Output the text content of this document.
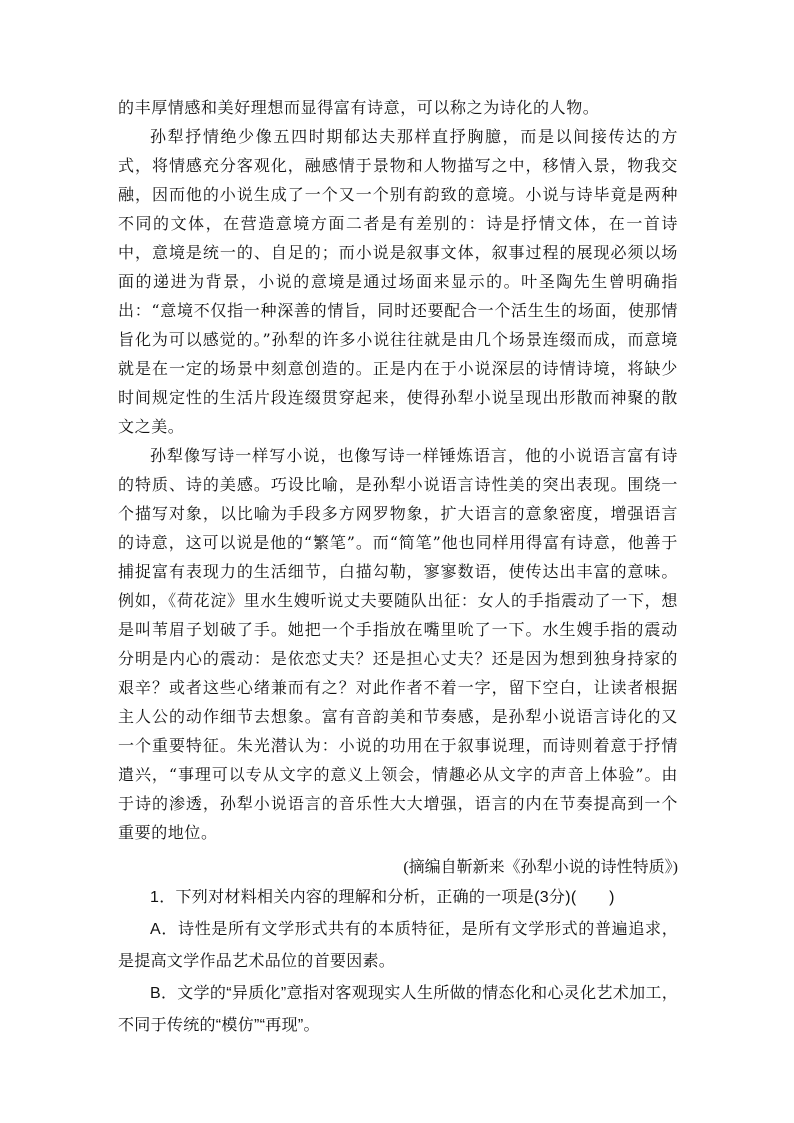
的丰厚情感和美好理想而显得富有诗意，可以称之为诗化的人物。

孙犁抒情绝少像五四时期郁达夫那样直抒胸臆，而是以间接传达的方式，将情感充分客观化，融感情于景物和人物描写之中，移情入景，物我交融，因而他的小说生成了一个又一个别有韵致的意境。小说与诗毕竟是两种不同的文体，在营造意境方面二者是有差别的：诗是抒情文体，在一首诗中，意境是统一的、自足的；而小说是叙事文体，叙事过程的展现必须以场面的递进为背景，小说的意境是通过场面来显示的。叶圣陶先生曾明确指出：“意境不仅指一种深善的情旨，同时还要配合一个活生生的场面，使那情旨化为可以感觉的。”孙犁的许多小说往往就是由几个场景连缀而成，而意境就是在一定的场景中刻意创造的。正是内在于小说深层的诗情诗境，将缺少时间规定性的生活片段连缀贯穿起来，使得孙犁小说呈现出形散而神聚的散文之美。

孙犁像写诗一样写小说，也像写诗一样锤炼语言，他的小说语言富有诗的特质、诗的美感。巧设比喻，是孙犁小说语言诗性美的突出表现。围绕一个描写对象，以比喻为手段多方网罗物象，扩大语言的意象密度，增强语言的诗意，这可以说是他的“繁笔”。而“简笔”他也同样用得富有诗意，他善于捕捉富有表现力的生活细节，白描勾勒，寥寥数语，使传达出丰富的意味。例如，《荷花淀》里水生嫂听说丈夫要随队出征：女人的手指震动了一下，想是叫苇眉子划破了手。她把一个手指放在嘴里吮了一下。水生嫂手指的震动分明是内心的震动：是依恋丈夫？还是担心丈夫？还是因为想到独身持家的艰辛？或者这些心绪兼而有之？对此作者不着一字，留下空白，让读者根据主人公的动作细节去想象。富有音韵美和节奏感，是孙犁小说语言诗化的又一个重要特征。朱光潜认为：小说的功用在于叙事说理，而诗则着意于抒情遣兴，“事理可以专从文字的意义上领会，情趣必从文字的声音上体验”。由于诗的渗透，孙犁小说语言的音乐性大大增强，语言的内在节奏提高到一个重要的地位。

(摘编自靳新来《孙犁小说的诗性特质》)

1．下列对材料相关内容的理解和分析，正确的一项是(3分)(　　)

A．诗性是所有文学形式共有的本质特征，是所有文学形式的普遍追求，是提高文学作品艺术品位的首要因素。

B．文学的“异质化”意指对客观现实人生所做的情态化和心灵化艺术加工，不同于传统的“模仿”“再现”。
